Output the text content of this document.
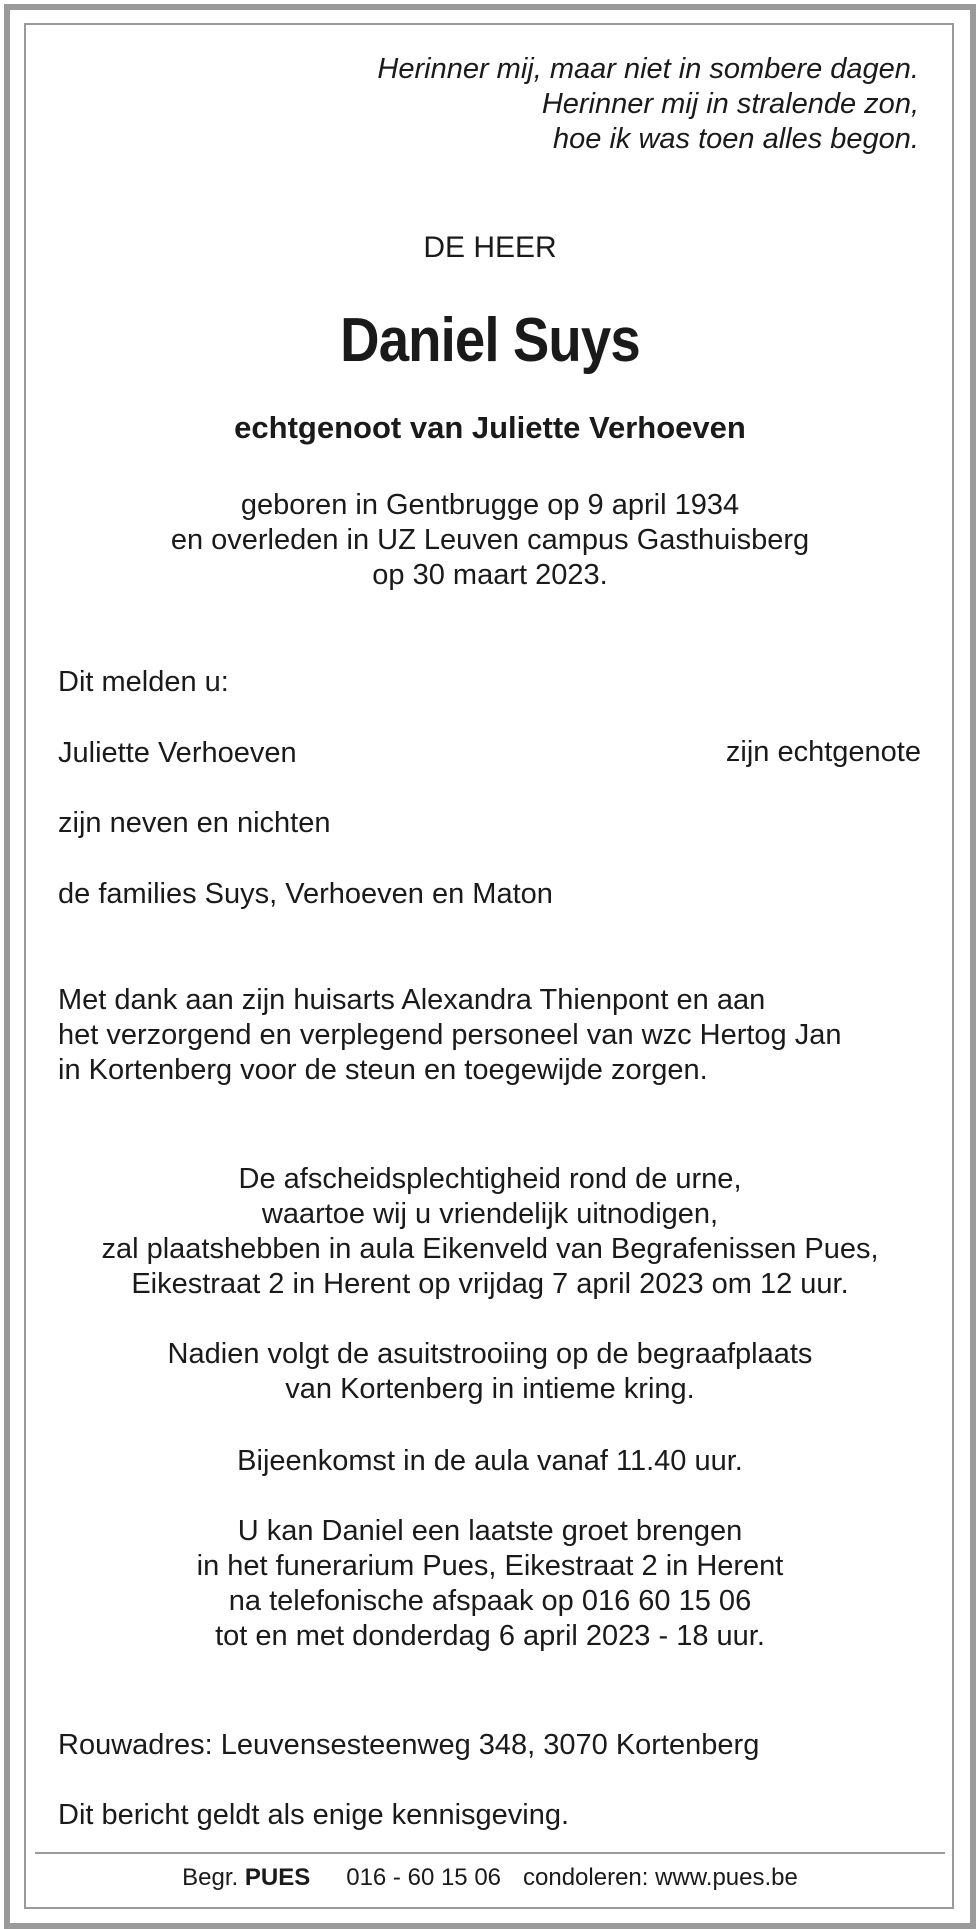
Herinner mij, maar niet in sombere dagen.
Herinner mij in stralende zon,
hoe ik was toen alles begon.
DE HEER
Daniel Suys
echtgenoot van Juliette Verhoeven
geboren in Gentbrugge op 9 april 1934
en overleden in UZ Leuven campus Gasthuisberg
op 30 maart 2023.
Dit melden u:
Juliette Verhoeven	zijn echtgenote
zijn neven en nichten
de families Suys, Verhoeven en Maton
Met dank aan zijn huisarts Alexandra Thienpont en aan
het verzorgend en verplegend personeel van wzc Hertog Jan
in Kortenberg voor de steun en toegewijde zorgen.
De afscheidsplechtigheid rond de urne,
waartoe wij u vriendelijk uitnodigen,
zal plaatshebben in aula Eikenveld van Begrafenissen Pues,
Eikestraat 2 in Herent op vrijdag 7 april 2023 om 12 uur.
Nadien volgt de asuitstrooiing op de begraafplaats
van Kortenberg in intieme kring.
Bijeenkomst in de aula vanaf 11.40 uur.
U kan Daniel een laatste groet brengen
in het funerarium Pues, Eikestraat 2 in Herent
na telefonische afspaak op 016 60 15 06
tot en met donderdag 6 april 2023 - 18 uur.
Rouwadres: Leuvensesteenweg 348, 3070 Kortenberg
Dit bericht geldt als enige kennisgeving.
Begr. PUES 016 - 60 15 06 condoleren: www.pues.be
